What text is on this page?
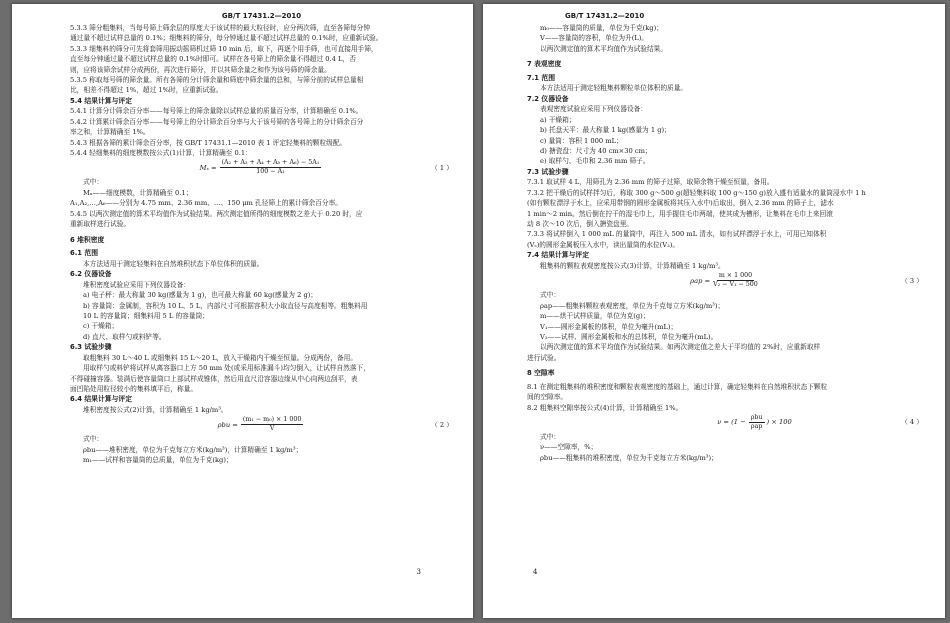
GB/T 17431.2—2010

5.3.3 筛分粗集料，当每号筛上筛余层的厚度大于该试样的最大粒径时，应分两次筛，直至各筛每分钟

通过量不超过试样总量的 0.1%；细集料的筛分，每分钟通过量不超过试样总量的 0.1%时，应重新试验。

5.3.3 细集料的筛分可先将套筛用振动摇筛机过筛 10 min 后，取下，再逐个用手筛，也可直接用手筛，

直至每分钟通过量不超过试样总量的 0.1%时即可。试样在各号筛上的筛余量不得超过 0.4 L，否

则，应将该筛余试样分成两份，再次进行筛分，并以其筛余量之和作为该号筛的筛余量。

5.3.5 称取每号筛的筛余量。所有各筛的分计筛余量和筛底中筛余量的总和，与筛分前的试样总量相

比，相差不得超过 1%，超过 1%时，应重新试验。

5.4 结果计算与评定

5.4.1 计算分计筛余百分率——每号筛上的筛余量除以试样总量的质量百分率，计算精确至 0.1%。

5.4.2 计算累计筛余百分率——每号筛上的分计筛余百分率与大于该号筛的各号筛上的分计筛余百分

率之和，计算精确至 1%。

5.4.3 根据各筛的累计筛余百分率，按 GB/T 17431.1—2010 表 1 评定轻集料的颗粒级配。

5.4.4 轻细集料的细度模数按公式(1)计算，计算精确至 0.1：

$M_x = \frac{\text{(A₂ + A₃ + A₄ + A₅ + A₆) − 5A₁}}{\text{100 − A₁}}$	（ 1 ）

式中：

Mₓ——细度模数，计算精确至 0.1；

A₁,A₂,…,A₆——分别为 4.75 mm、2.36 mm、…、150 μm 孔径筛上的累计筛余百分率。

5.4.5 以两次测定值的算术平均值作为试验结果。两次测定值所得的细度模数之差大于 0.20 时，应

重新取样进行试验。

6 堆积密度

6.1 范围

本方法适用于测定轻集料在自然堆积状态下单位体积的质量。

6.2 仪器设备

堆积密度试验应采用下列仪器设备：

a) 电子秤：最大称量 30 kg(感量为 1 g)，也可最大称量 60 kg(感量为 2 g)；

b) 容量筒：金属制，容积为 10 L、5 L，内部尺寸可根据容积大小取直径与高度相等。粗集料用

10 L 的容量筒；细集料用 5 L 的容量筒；

c) 干燥箱；

d) 直尺、取样勺或料铲等。

6.3 试验步骤

取粗集料 30 L～40 L 或细集料 15 L～20 L，放入干燥箱内干燥至恒量。分成两份，备用。

用取样勺或料铲将试样从离容器口上方 50 mm 处(或采用标准漏斗)均匀倒入，让试样自然落下，

不得碰撞容器。装满后使容量筒口上部试样成锥体，然后用直尺沿容器边缘从中心向两边刮平，表

面凹陷处用粒径较小的集料填平后，称量。

6.4 结果计算与评定

堆积密度按公式(2)计算，计算精确至 1 kg/m³。

$\rho bu = \frac{\text{(m₁ − m₀) × 1 000}}{V}$	（ 2 ）

式中：

ρbu——堆积密度，单位为千克每立方米(kg/m³)，计算精确至 1 kg/m³；

m₁——试样和容量筒的总质量，单位为千克(kg)；

3
GB/T 17431.2—2010

m₀——容量筒的质量，单位为千克(kg)；

V——容量筒的容积，单位为升(L)。

以两次测定值的算术平均值作为试验结果。

7 表观密度

7.1 范围

本方法适用于测定轻粗集料颗粒单位体积的质量。

7.2 仪器设备

表观密度试验应采用下列仪器设备：

a) 干燥箱；

b) 托盘天平：最大称量 1 kg(感量为 1 g)；

c) 量筒：容积 1 000 mL；

d) 搪瓷盘：尺寸为 40 cm×30 cm；

e) 取样勺、毛巾和 2.36 mm 筛子。

7.3 试验步骤

7.3.1 取试样 4 L，用筛孔为 2.36 mm 的筛子过筛，取筛余物干燥至恒量，备用。

7.3.2 把干燥后的试样拌匀后，称取 300 g～500 g(超轻集料取 100 g～150 g)放入盛有适量水的量筒浸水中 1 h

(如有颗粒漂浮于水上，应采用带钢的圆形金属板将其压入水中)后取出，倒入 2.36 mm 的筛子上，滤水

1 min～2 min。然后倒在拧干的湿毛巾上，用手握住毛巾两端，使其成为槽形，让集料在毛巾上来回滚

动 8 次～10 次后，倒入搪瓷盘里。

7.3.3 将试样倒入 1 000 mL 的量筒中，再注入 500 mL 清水，如有试样漂浮于水上，可用已知体积

(Vₛ)的圆形金属板压入水中，读出量筒的水位(V₂)。

7.4 结果计算与评定

粗集料的颗粒表观密度按公式(3)计算，计算精确至 1 kg/m³。

$\rho ap = \frac{m \times 1 000}{\text{V₂ − V₁ − 500}}$	（ 3 ）

式中：

ρap——粗集料颗粒表观密度，单位为千克每立方米(kg/m³)；

m——烘干试样质量，单位为克(g)；

V₁——圆形金属板的体积，单位为毫升(mL)；

V₂——试样、圆形金属板和水的总体积，单位为毫升(mL)。

以两次测定值的算术平均值作为试验结果。如两次测定值之差大于平均值的 2%时，应重新取样

进行试验。

8 空隙率

8.1 在测定粗集料的堆积密度和颗粒表观密度的基础上，通过计算，确定轻集料在自然堆积状态下颗粒

间的空隙率。

8.2 粗集料空隙率按公式(4)计算，计算精确至 1%。

$\nu = (1 - \frac{\text{ρbu}}{\text{ρap}}$ ) × 100	（ 4 ）

式中：

ν——空隙率，%；

ρbu——粗集料的堆积密度，单位为千克每立方米(kg/m³)；

4
